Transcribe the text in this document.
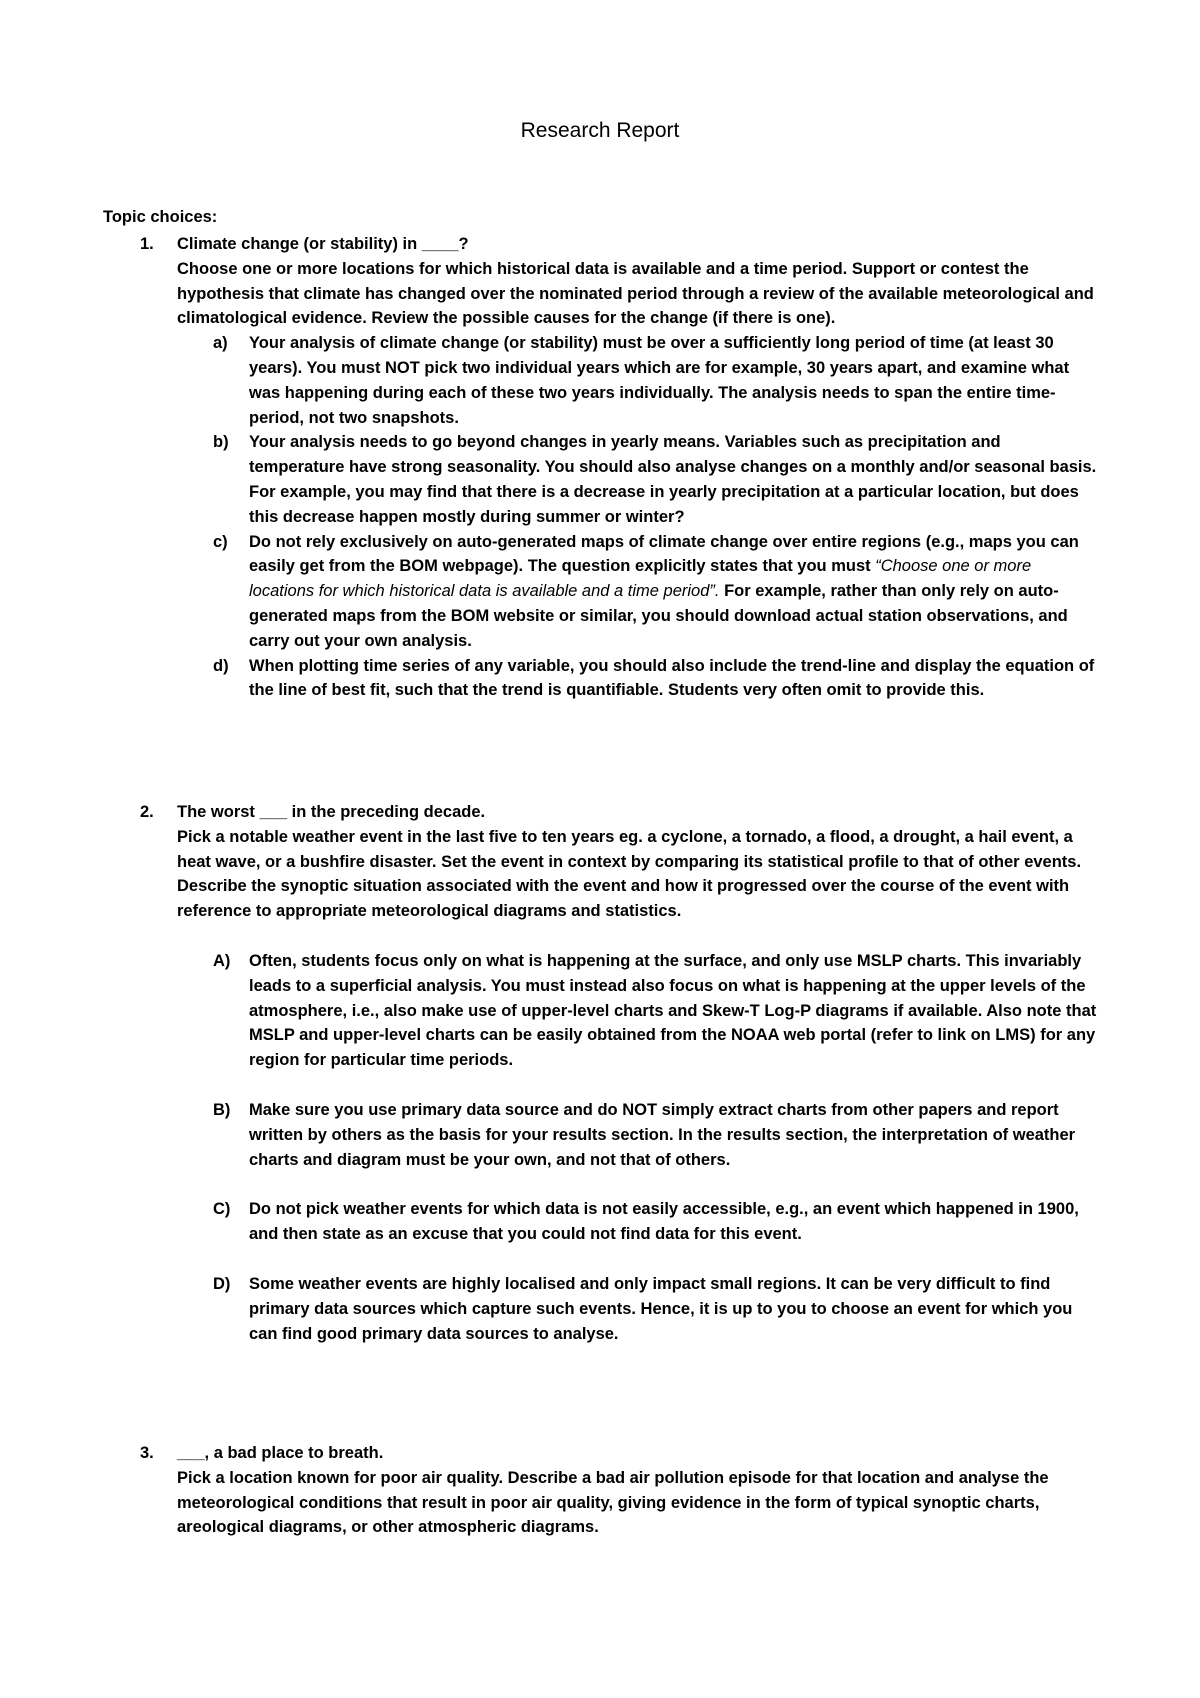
Research Report
Topic choices:
1. Climate change (or stability) in ____?
Choose one or more locations for which historical data is available and a time period. Support or contest the hypothesis that climate has changed over the nominated period through a review of the available meteorological and climatological evidence. Review the possible causes for the change (if there is one).
a) Your analysis of climate change (or stability) must be over a sufficiently long period of time (at least 30 years). You must NOT pick two individual years which are for example, 30 years apart, and examine what was happening during each of these two years individually. The analysis needs to span the entire time-period, not two snapshots.
b) Your analysis needs to go beyond changes in yearly means. Variables such as precipitation and temperature have strong seasonality. You should also analyse changes on a monthly and/or seasonal basis. For example, you may find that there is a decrease in yearly precipitation at a particular location, but does this decrease happen mostly during summer or winter?
c) Do not rely exclusively on auto-generated maps of climate change over entire regions (e.g., maps you can easily get from the BOM webpage). The question explicitly states that you must “Choose one or more locations for which historical data is available and a time period”. For example, rather than only rely on auto-generated maps from the BOM website or similar, you should download actual station observations, and carry out your own analysis.
d) When plotting time series of any variable, you should also include the trend-line and display the equation of the line of best fit, such that the trend is quantifiable. Students very often omit to provide this.
2. The worst ___ in the preceding decade.
Pick a notable weather event in the last five to ten years eg. a cyclone, a tornado, a flood, a drought, a hail event, a heat wave, or a bushfire disaster. Set the event in context by comparing its statistical profile to that of other events. Describe the synoptic situation associated with the event and how it progressed over the course of the event with reference to appropriate meteorological diagrams and statistics.
A) Often, students focus only on what is happening at the surface, and only use MSLP charts. This invariably leads to a superficial analysis. You must instead also focus on what is happening at the upper levels of the atmosphere, i.e., also make use of upper-level charts and Skew-T Log-P diagrams if available. Also note that MSLP and upper-level charts can be easily obtained from the NOAA web portal (refer to link on LMS) for any region for particular time periods.
B) Make sure you use primary data source and do NOT simply extract charts from other papers and report written by others as the basis for your results section. In the results section, the interpretation of weather charts and diagram must be your own, and not that of others.
C) Do not pick weather events for which data is not easily accessible, e.g., an event which happened in 1900, and then state as an excuse that you could not find data for this event.
D) Some weather events are highly localised and only impact small regions. It can be very difficult to find primary data sources which capture such events. Hence, it is up to you to choose an event for which you can find good primary data sources to analyse.
3. ___, a bad place to breath.
Pick a location known for poor air quality. Describe a bad air pollution episode for that location and analyse the meteorological conditions that result in poor air quality, giving evidence in the form of typical synoptic charts, areological diagrams, or other atmospheric diagrams.
